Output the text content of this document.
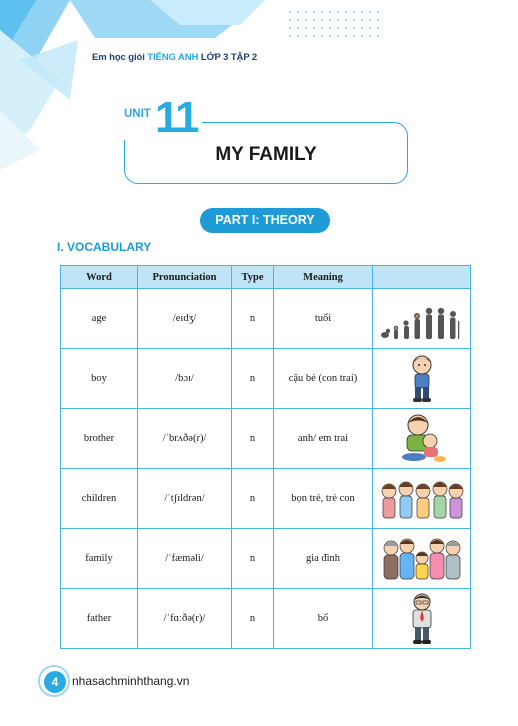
Em học giỏi TIẾNG ANH LỚP 3 TẬP 2
UNIT 11
MY FAMILY
PART I: THEORY
I. VOCABULARY
Word	Pronunciation	Type	Meaning	
age	/eɪdʒ/	n	tuổi	

boy	/bɔɪ/	n	cậu bé (con trai)	

brother	/ˈbrʌðə(r)/	n	anh/ em trai	

children	/ˈtʃɪldrən/	n	bọn trẻ, trẻ con	

family	/ˈfæməli/	n	gia đình	

father	/ˈfɑːðə(r)/	n	bố	
4	nhasachminhthang.vn
